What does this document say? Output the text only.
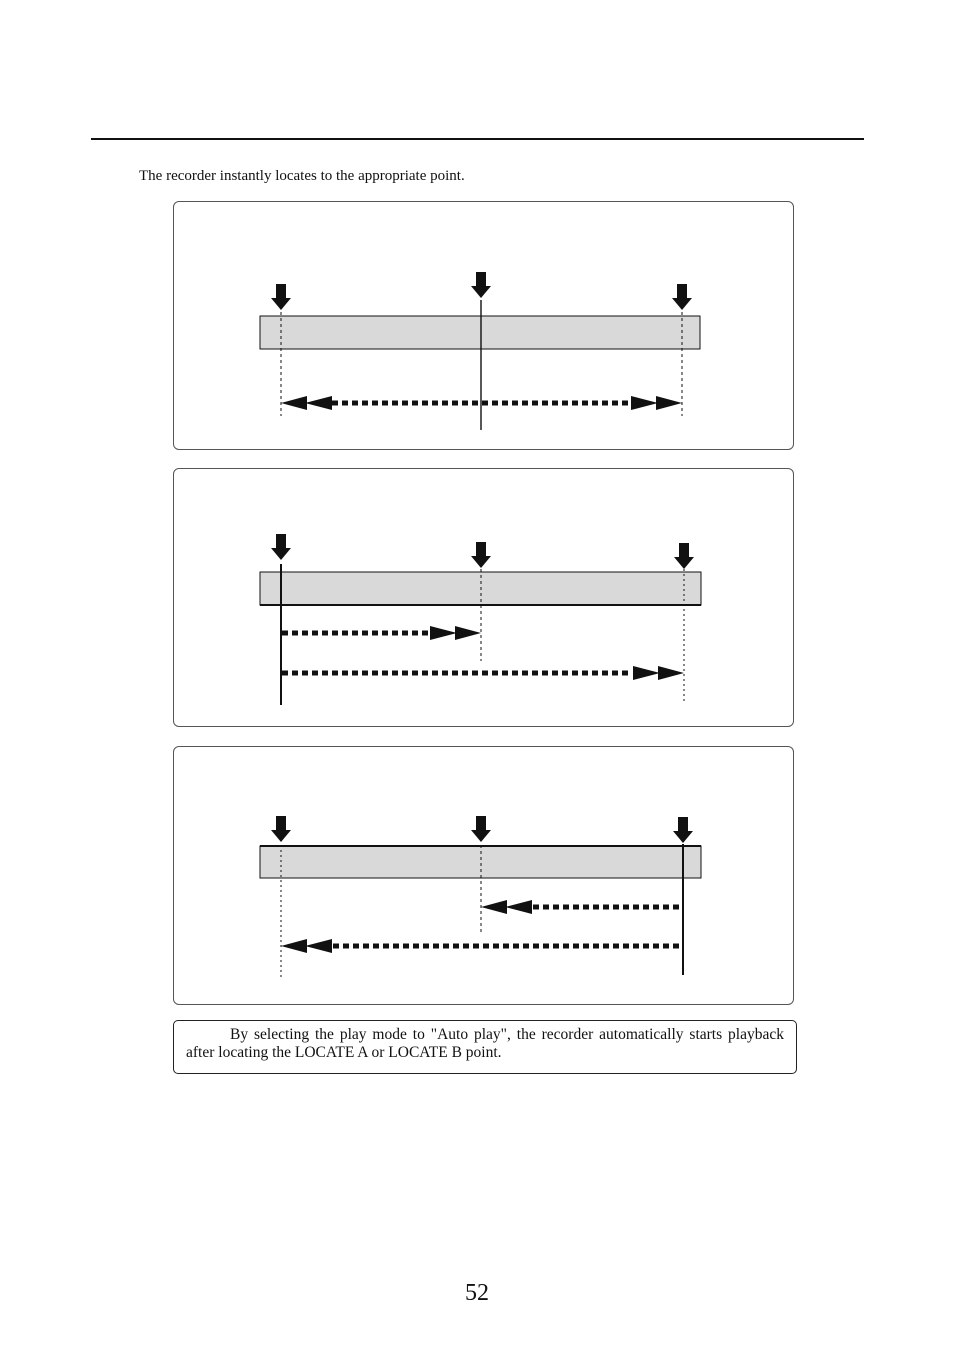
The recorder instantly locates to the appropriate point.
By selecting the play mode to "Auto play", the recorder automatically starts playback after locating the LOCATE A or LOCATE B point.
52
